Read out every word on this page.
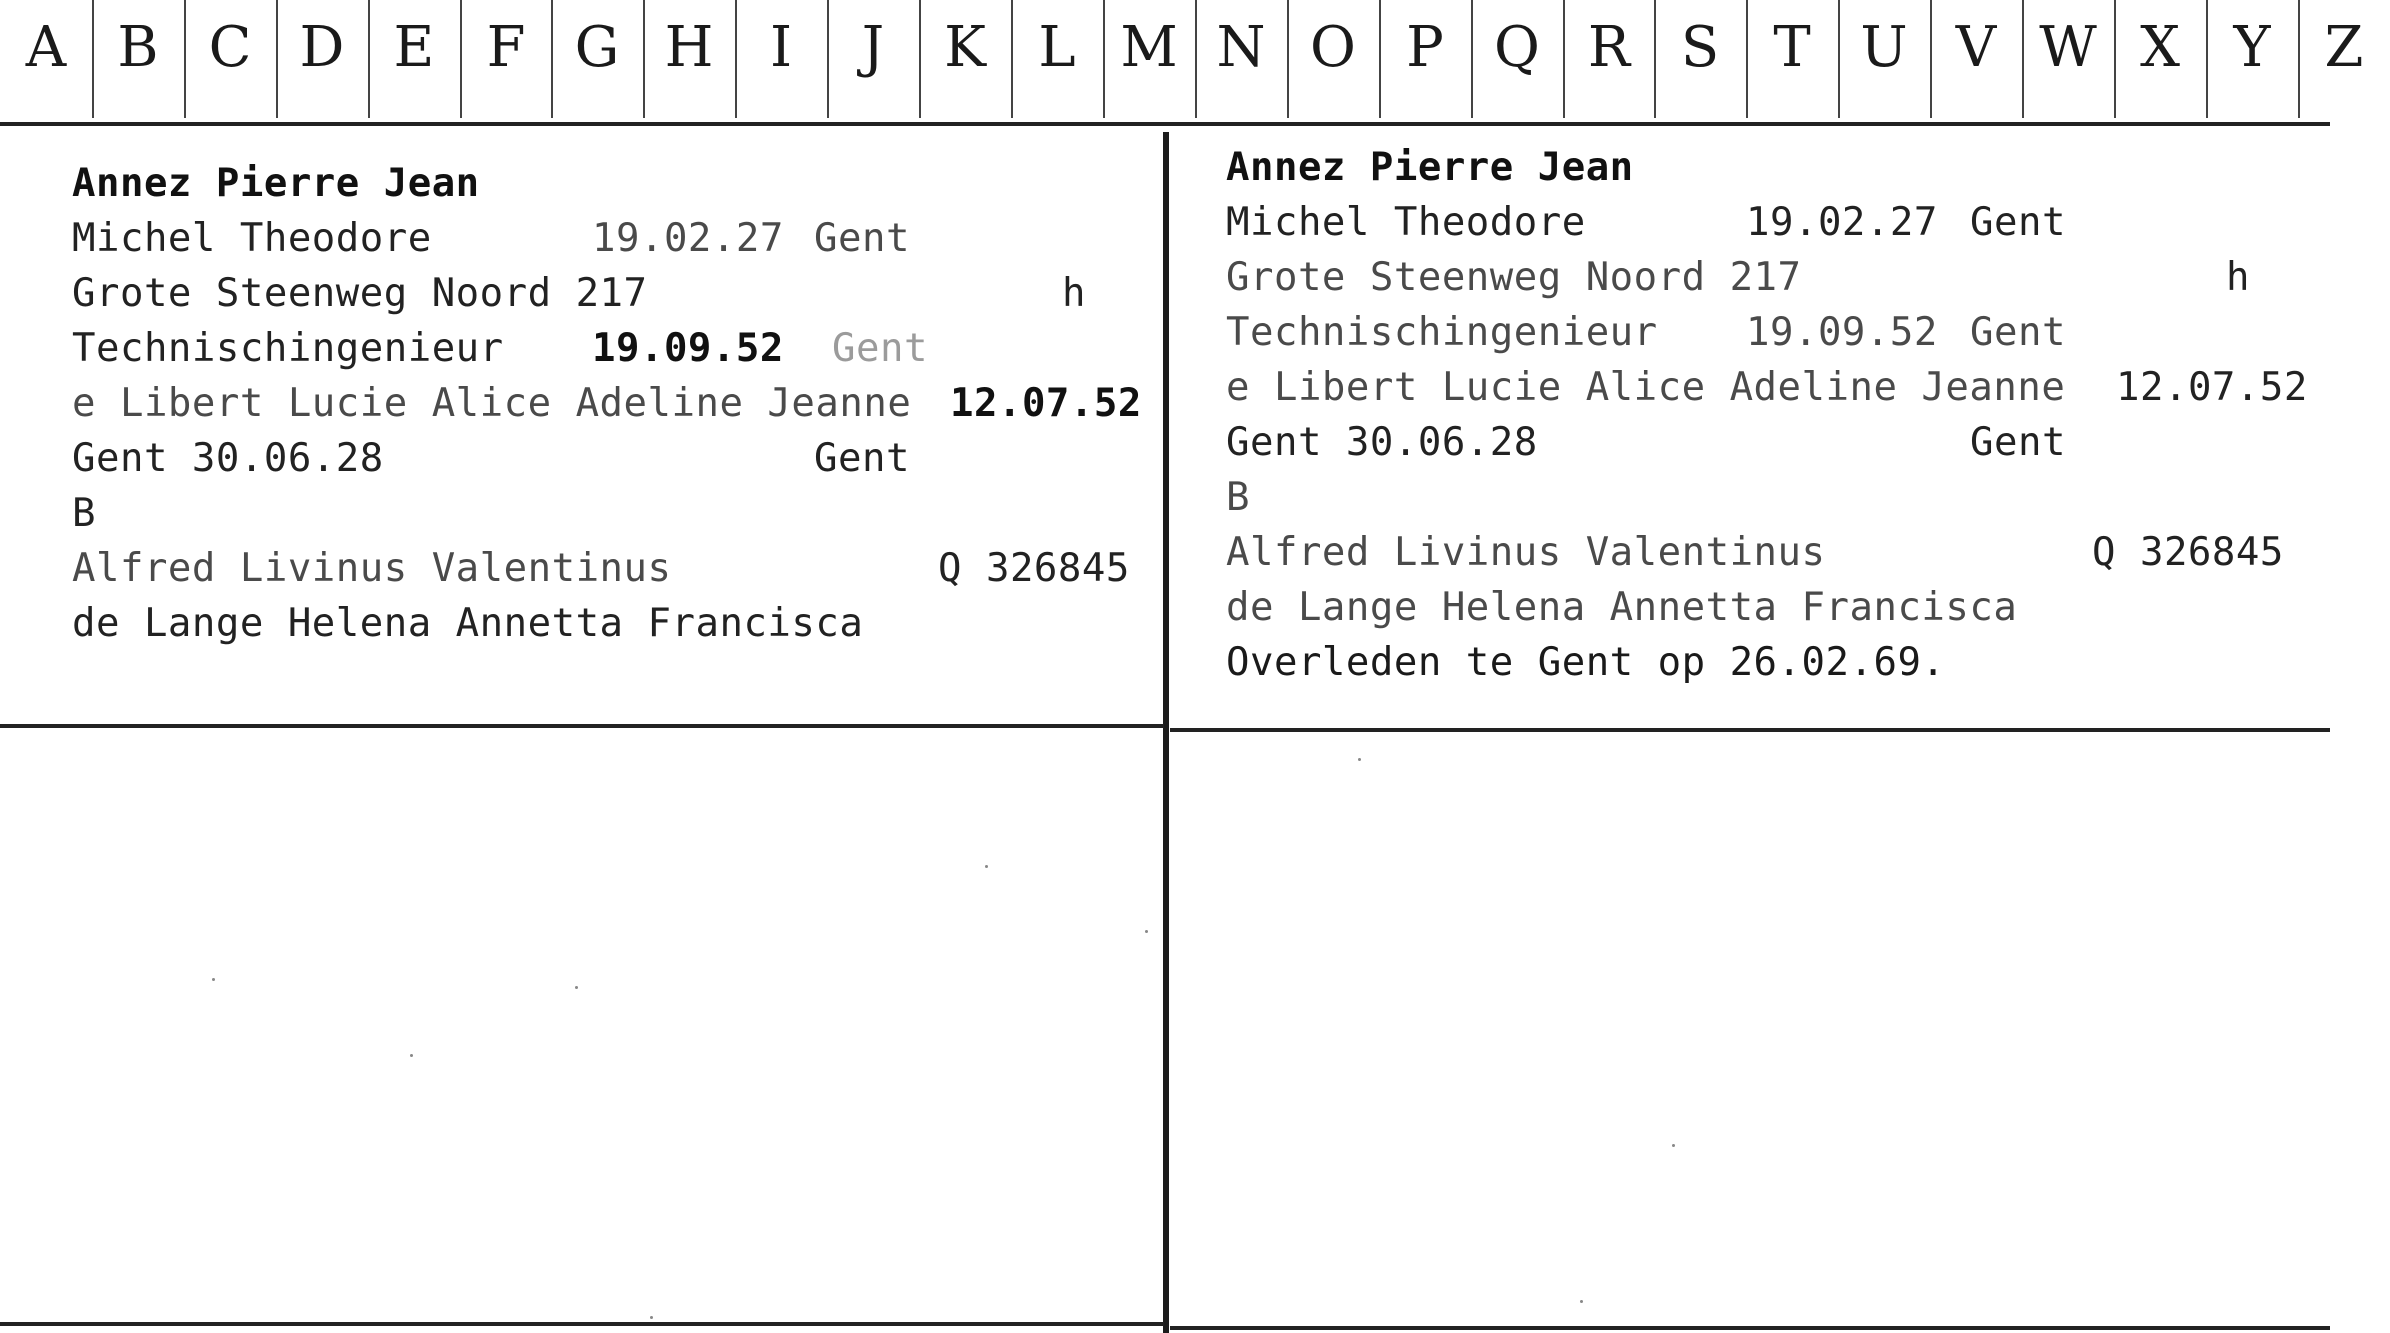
A B C D E F G H	I	J	K L M N O P Q R S T U V W X Y Z
Annez Pierre Jean

Michel Theodore

	19.02.27

Gent

Grote Steenweg Noord 217

	h

Technischingenieur

19.09.52

Gent

e Libert Lucie Alice Adeline Jeanne

12.07.52

Gent 30.06.28

	Gent

B

Alfred Livinus Valentinus

	Q 326845

de Lange Helena Annetta Francisca
Annez Pierre Jean

Michel Theodore

	19.02.27

Gent

Grote Steenweg Noord 217

	h

Technischingenieur

19.09.52

Gent

e Libert Lucie Alice Adeline Jeanne

12.07.52

Gent 30.06.28

	Gent

B

Alfred Livinus Valentinus

	Q 326845

de Lange Helena Annetta Francisca
Overleden te Gent op 26.02.69.
